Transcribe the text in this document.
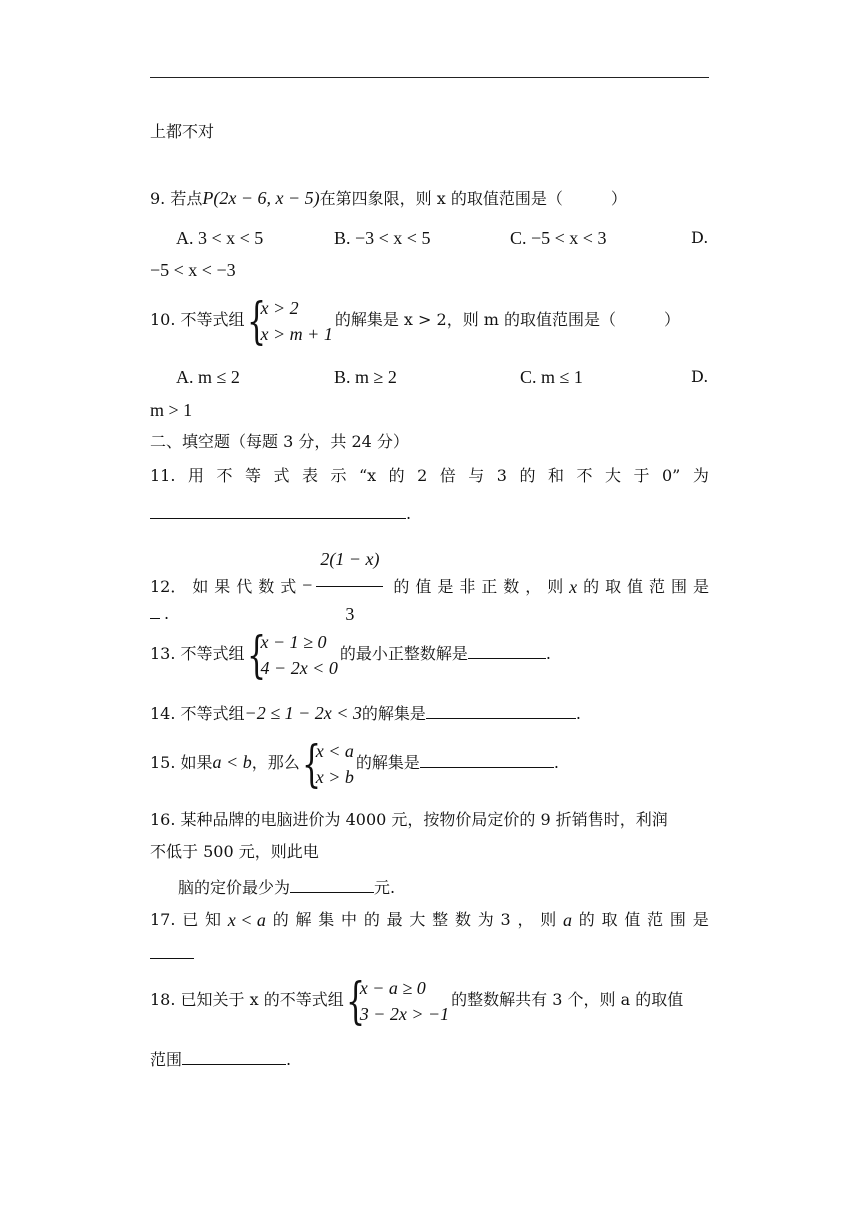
上都不对
9. 若点P(2x − 6, x − 5)在第四象限，则 x 的取值范围是（　　　）
A. 3 < x < 5	B. −3 < x < 5	C. −5 < x < 3	D.
−5 < x < −3
10. 不等式组 {
x > 2
x > m + 1
的解集是 x > 2，则 m 的取值范围是（　　　）
A. m ≤ 2	B. m ≥ 2	C. m ≤ 1	D.
m > 1
二、填空题（每题 3 分，共 24 分）
11. 用 不 等 式 表 示 “x 的 2 倍 与 3 的 和 不 大 于 0” 为
.
12． 如 果 代 数 式 − $\frac{2(1 - x)}{3}$ 的 值 是 非 正 数 ， 则 x 的 取 值 范 围 是
.
13. 不等式组 {
x − 1 ≥ 0
4 − 2x < 0
的最小正整数解是	.
14. 不等式组−2 ≤ 1 − 2x < 3的解集是	.
15. 如果a < b，那么 {
x < a
x > b
的解集是	.
16. 某种品牌的电脑进价为 4000 元，按物价局定价的 9 折销售时，利润
不低于 500 元，则此电
脑的定价最少为	元.
17. 已 知 x < a 的 解 集 中 的 最 大 整 数 为 3 ， 则 a 的 取 值 范 围 是
18. 已知关于 x 的不等式组 {
x − a ≥ 0
3 − 2x > −1
的整数解共有 3 个，则 a 的取值
范围	.
